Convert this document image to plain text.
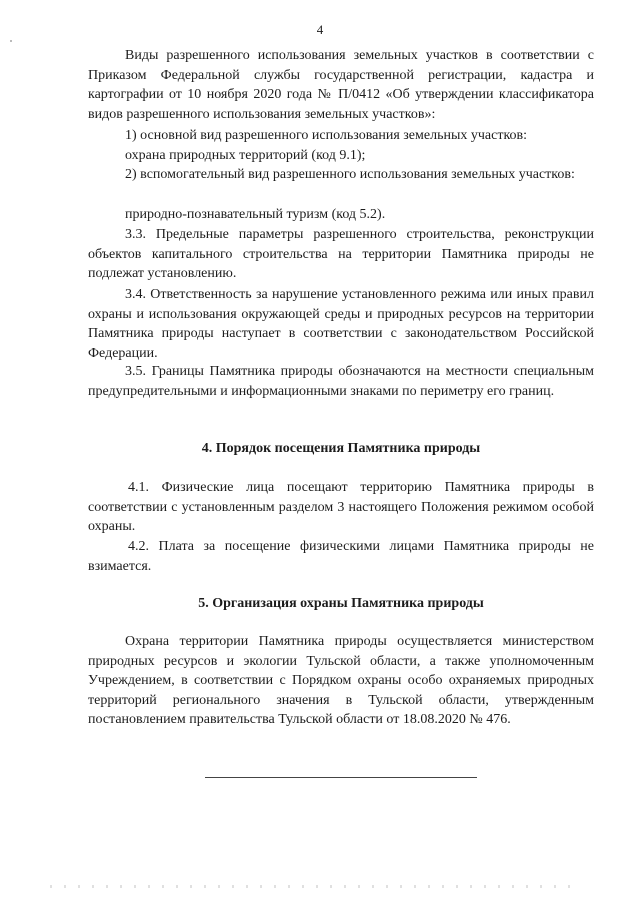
4

Виды разрешенного использования земельных участков в соответствии с Приказом Федеральной службы государственной регистрации, кадастра и картографии от 10 ноября 2020 года № П/0412 «Об утверждении классификатора видов разрешенного использования земельных участков»:

1) основной вид разрешенного использования земельных участков:

охрана природных территорий (код 9.1);

2) вспомогательный вид разрешенного использования земельных участков:

природно-познавательный туризм (код 5.2).

3.3. Предельные параметры разрешенного строительства, реконструкции объектов капитального строительства на территории Памятника природы не подлежат установлению.

3.4. Ответственность за нарушение установленного режима или иных правил охраны и использования окружающей среды и природных ресурсов на территории Памятника природы наступает в соответствии с законодательством Российской Федерации.

3.5. Границы Памятника природы обозначаются на местности специальным предупредительными и информационными знаками по периметру его границ.

4. Порядок посещения Памятника природы

4.1. Физические лица посещают территорию Памятника природы в соответствии с установленным разделом 3 настоящего Положения режимом особой охраны.

4.2. Плата за посещение физическими лицами Памятника природы не взимается.

5. Организация охраны Памятника природы

Охрана территории Памятника природы осуществляется министерством природных ресурсов и экологии Тульской области, а также уполномоченным Учреждением, в соответствии с Порядком охраны особо охраняемых природных территорий регионального значения в Тульской области, утвержденным постановлением правительства Тульской области от 18.08.2020 № 476.
